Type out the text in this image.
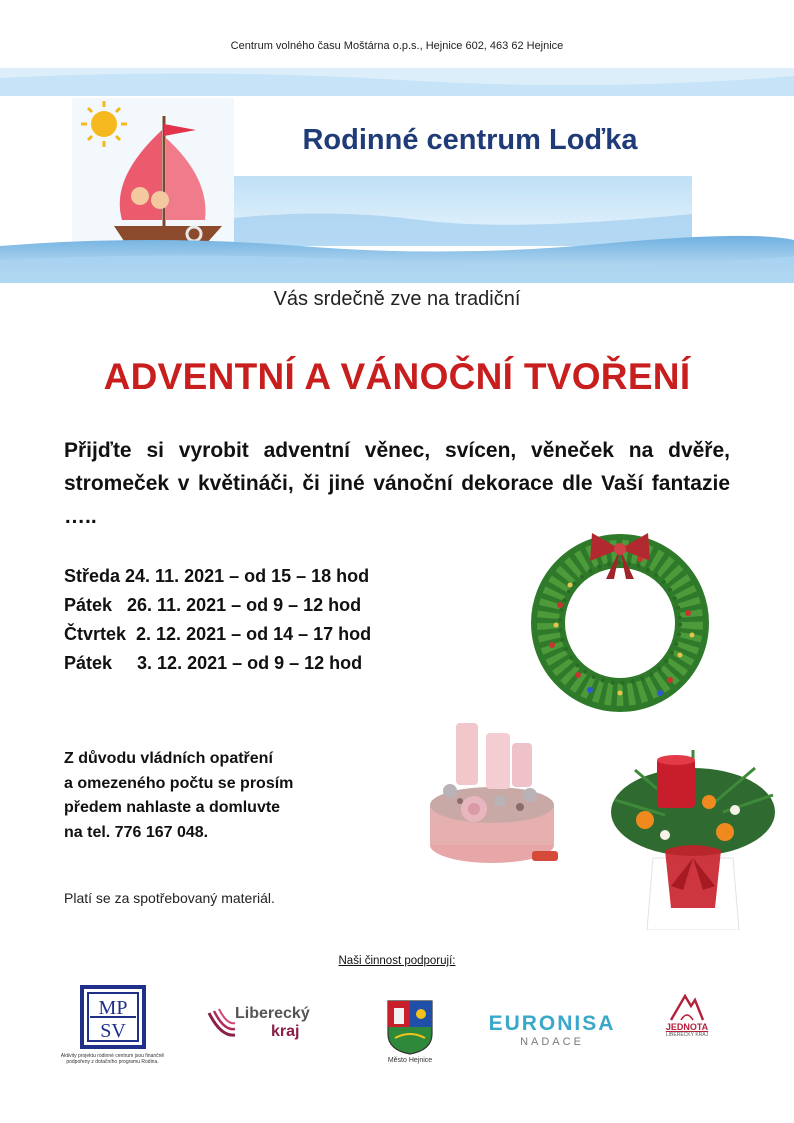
Centrum volného času Moštárna o.p.s., Hejnice 602, 463 62 Hejnice
Rodinné centrum Loďka
Vás srdečně zve na tradiční
ADVENTNÍ A VÁNOČNÍ TVOŘENÍ
Přijďte si vyrobit adventní věnec, svícen, věneček na dvěře, stromeček v květináči, či jiné vánoční dekorace dle Vaší fantazie …..
Středa 24. 11. 2021 – od 15 – 18 hod
Pátek   26. 11. 2021 – od 9 – 12 hod
Čtvrtek  2. 12. 2021 – od 14 – 17 hod
Pátek     3. 12. 2021 – od 9 – 12 hod
Z důvodu vládních opatření
a omezeného počtu se prosím
předem nahlaste a domluvte
na tel. 776 167 048.
Platí se za spotřebovaný materiál.
Naši činnost podporují:
MP
SV
Aktivity projektu rodinné centrum jsou finančně podpořeny z dotačního programu Rodina.
Liberecký
kraj
Město Hejnice
EURONISA
NADACE
JEDNOTA
LIBERECKÝ KRAJ
